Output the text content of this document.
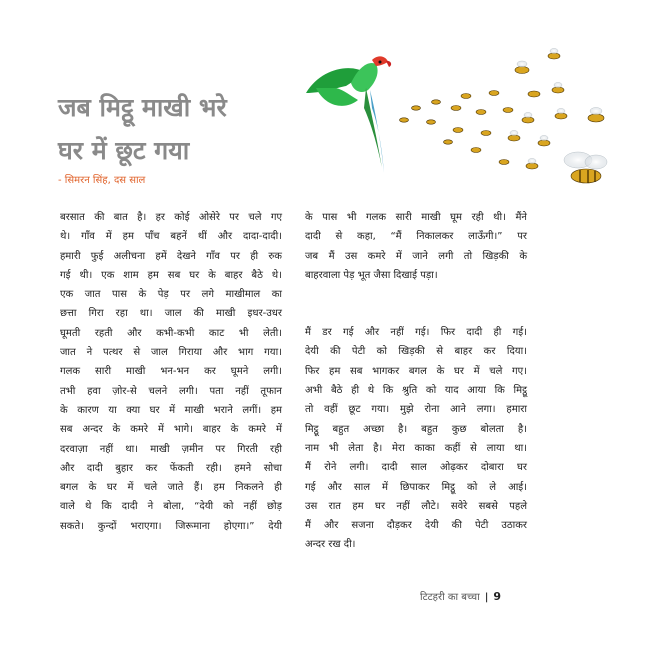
जब मिट्ठू माखी भरे
घर में छूट गया
- सिमरन सिंह, दस साल
बरसात की बात है। हर कोई ओसेरे पर चले गए
थे। गाँव में हम पाँच बहनें थीं और दादा-दादी।
हमारी फुई अलीचना हमें देखने गाँव पर ही रुक
गई थी। एक शाम हम सब घर के बाहर बैठे थे।
एक जात पास के पेड़ पर लगे माखीमाल का
छत्ता गिरा रहा था। जाल की माखी इधर-उधर
घूमती रहती और कभी-कभी काट भी लेती।
जात ने पत्थर से जाल गिराया और भाग गया।
गलक सारी माखी भन-भन कर घूमने लगी।
तभी हवा ज़ोर-से चलने लगी। पता नहीं तूफान
के कारण या क्या घर में माखी भराने लगीं। हम
सब अन्दर के कमरे में भागे। बाहर के कमरे में
दरवाज़ा नहीं था। माखी ज़मीन पर गिरती रही
और दादी बुहार कर फेंकती रही। हमने सोचा
बगल के घर में चले जाते हैं। हम निकलने ही
वाले थे कि दादी ने बोला, “देयी को नहीं छोड़
सकते। कुन्दों भराएगा। जिरूमाना होएगा।” देयी
के पास भी गलक सारी माखी घूम रही थी। मैंने
दादी से कहा, “मैं निकालकर लाऊँगी।” पर
जब मैं उस कमरे में जाने लगी तो खिड़की के
बाहरवाला पेड़ भूत जैसा दिखाई पड़ा।
मैं डर गई और नहीं गई। फिर दादी ही गई।
देयी की पेटी को खिड़की से बाहर कर दिया।
फिर हम सब भागकर बगल के घर में चले गए।
अभी बैठे ही थे कि श्रुति को याद आया कि मिट्ठू
तो वहीं छूट गया। मुझे रोना आने लगा। हमारा
मिट्ठू बहुत अच्छा है। बहुत कुछ बोलता है।
नाम भी लेता है। मेरा काका कहीं से लाया था।
मैं रोने लगी। दादी साल ओढ़कर दोबारा घर
गई और साल में छिपाकर मिट्ठू को ले आई।
उस रात हम घर नहीं लौटे। सवेरे सबसे पहले
मैं और सजना दौड़कर देयी की पेटी उठाकर
अन्दर रख दी।
टिटहरी का बच्चा | 9
